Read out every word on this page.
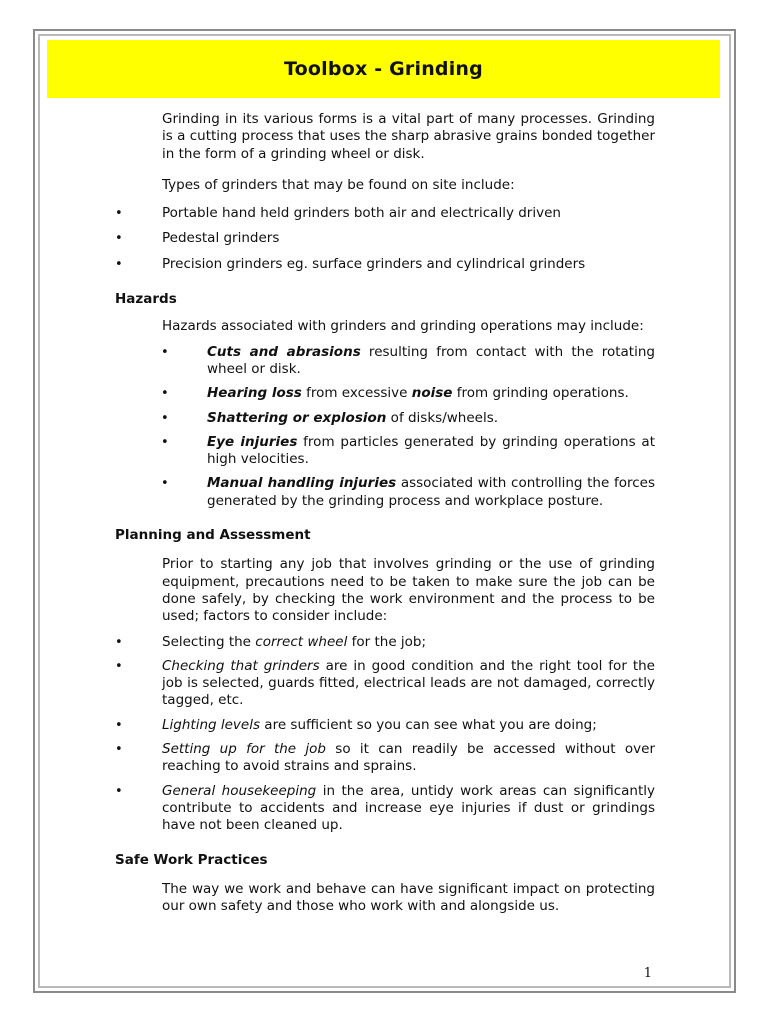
Toolbox - Grinding

Grinding in its various forms is a vital part of many processes. Grinding is a cutting process that uses the sharp abrasive grains bonded together in the form of a grinding wheel or disk.

Types of grinders that may be found on site include:

• Portable hand held grinders both air and electrically driven
• Pedestal grinders
• Precision grinders eg. surface grinders and cylindrical grinders

Hazards

Hazards associated with grinders and grinding operations may include:

• Cuts and abrasions resulting from contact with the rotating wheel or disk.
• Hearing loss from excessive noise from grinding operations.
• Shattering or explosion of disks/wheels.
• Eye injuries from particles generated by grinding operations at high velocities.
• Manual handling injuries associated with controlling the forces generated by the grinding process and workplace posture.

Planning and Assessment

Prior to starting any job that involves grinding or the use of grinding equipment, precautions need to be taken to make sure the job can be done safely, by checking the work environment and the process to be used; factors to consider include:

• Selecting the correct wheel for the job;
• Checking that grinders are in good condition and the right tool for the job is selected, guards fitted, electrical leads are not damaged, correctly tagged, etc.
• Lighting levels are sufficient so you can see what you are doing;
• Setting up for the job so it can readily be accessed without over reaching to avoid strains and sprains.
• General housekeeping in the area, untidy work areas can significantly contribute to accidents and increase eye injuries if dust or grindings have not been cleaned up.

Safe Work Practices

The way we work and behave can have significant impact on protecting our own safety and those who work with and alongside us.

1
